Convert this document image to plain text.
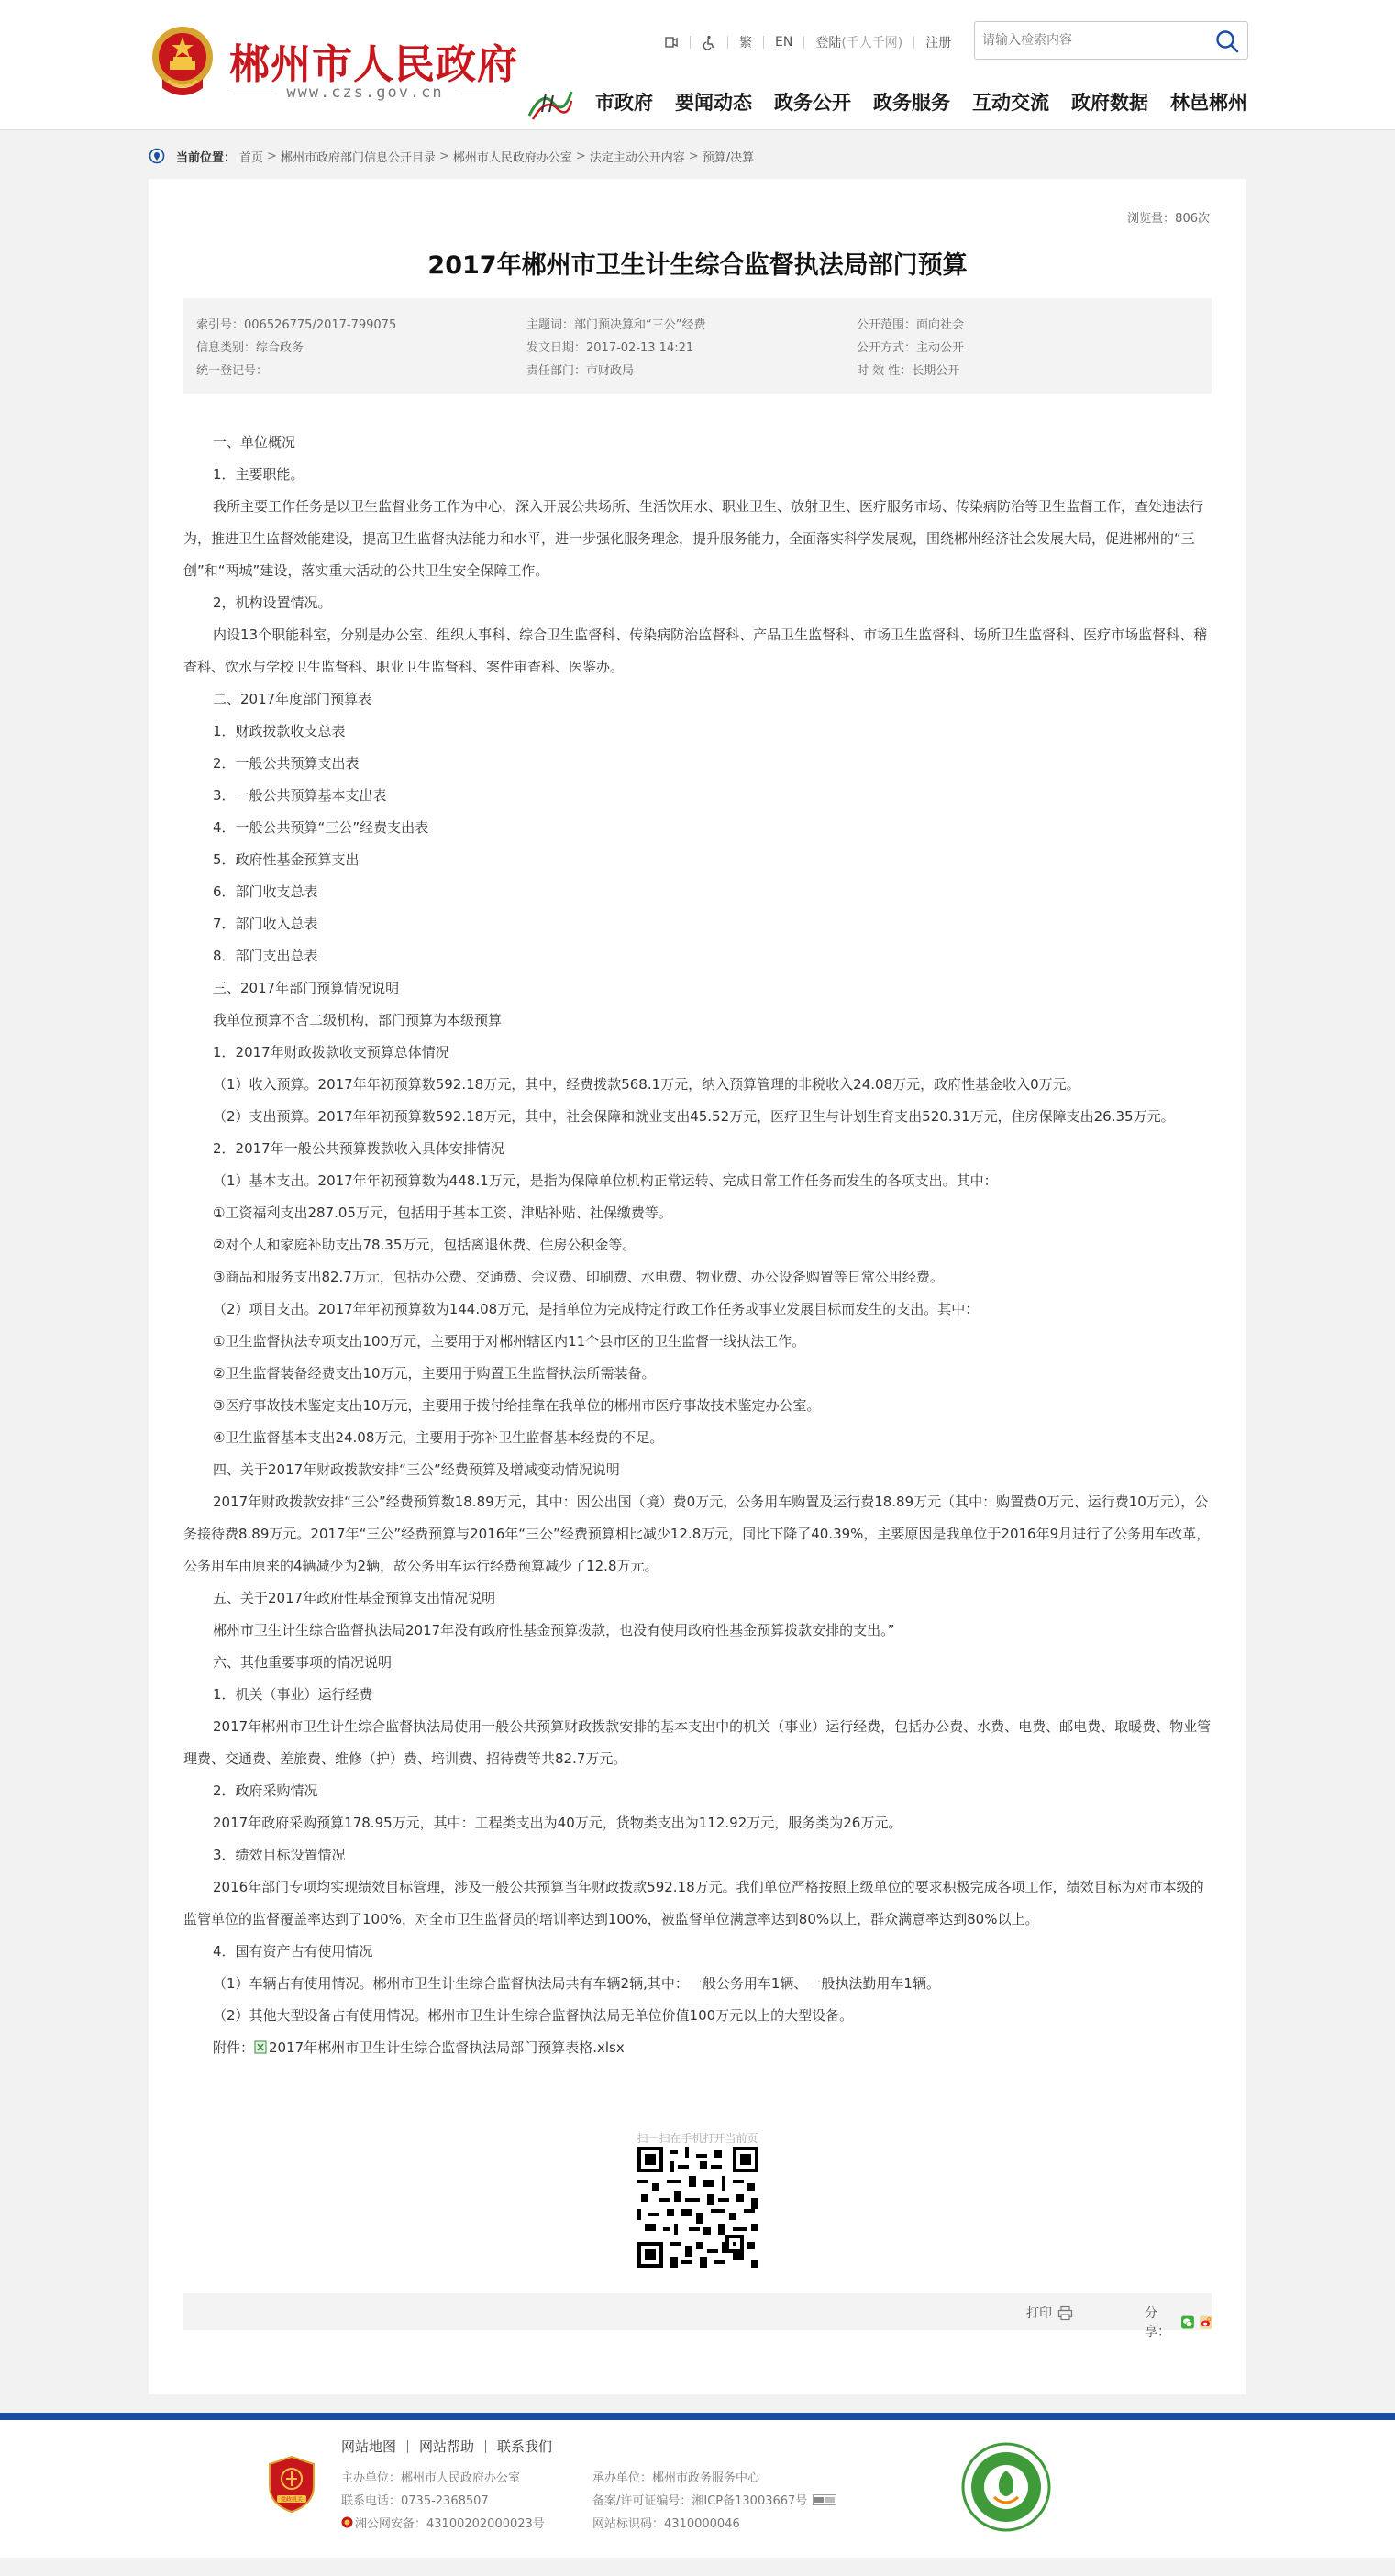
郴州市人民政府
www.czs.gov.cn
繁 EN 登陆 (千人千网) 注册
请输入检索内容
市政府 要闻动态 政务公开 政务服务 互动交流 政府数据 林邑郴州
当前位置： 首页 > 郴州市政府部门信息公开目录 > 郴州市人民政府办公室 > 法定主动公开内容 > 预算/决算
浏览量：806次
2017年郴州市卫生计生综合监督执法局部门预算
索引号：006526775/2017-799075
信息类别：综合政务
统一登记号：
主题词：部门预决算和“三公”经费
发文日期：2017-02-13 14:21
责任部门：市财政局
公开范围：面向社会
公开方式：主动公开
时 效 性：长期公开

一、单位概况

1．主要职能。

我所主要工作任务是以卫生监督业务工作为中心，深入开展公共场所、生活饮用水、职业卫生、放射卫生、医疗服务市场、传染病防治等卫生监督工作，查处违法行为，推进卫生监督效能建设，提高卫生监督执法能力和水平，进一步强化服务理念，提升服务能力，全面落实科学发展观，围绕郴州经济社会发展大局，促进郴州的“三创”和“两城”建设，落实重大活动的公共卫生安全保障工作。

2，机构设置情况。

内设13个职能科室，分别是办公室、组织人事科、综合卫生监督科、传染病防治监督科、产品卫生监督科、市场卫生监督科、场所卫生监督科、医疗市场监督科、稽查科、饮水与学校卫生监督科、职业卫生监督科、案件审查科、医鉴办。

二、2017年度部门预算表

1．财政拨款收支总表

2．一般公共预算支出表

3．一般公共预算基本支出表

4．一般公共预算“三公”经费支出表

5．政府性基金预算支出

6．部门收支总表

7．部门收入总表

8．部门支出总表

三、2017年部门预算情况说明

我单位预算不含二级机构，部门预算为本级预算

1．2017年财政拨款收支预算总体情况

（1）收入预算。2017年年初预算数592.18万元，其中，经费拨款568.1万元，纳入预算管理的非税收入24.08万元，政府性基金收入0万元。

（2）支出预算。2017年年初预算数592.18万元，其中，社会保障和就业支出45.52万元，医疗卫生与计划生育支出520.31万元，住房保障支出26.35万元。

2．2017年一般公共预算拨款收入具体安排情况

（1）基本支出。2017年年初预算数为448.1万元，是指为保障单位机构正常运转、完成日常工作任务而发生的各项支出。其中：

①工资福利支出287.05万元，包括用于基本工资、津贴补贴、社保缴费等。

②对个人和家庭补助支出78.35万元，包括离退休费、住房公积金等。

③商品和服务支出82.7万元，包括办公费、交通费、会议费、印刷费、水电费、物业费、办公设备购置等日常公用经费。

（2）项目支出。2017年年初预算数为144.08万元，是指单位为完成特定行政工作任务或事业发展目标而发生的支出。其中：

①卫生监督执法专项支出100万元，主要用于对郴州辖区内11个县市区的卫生监督一线执法工作。

②卫生监督装备经费支出10万元，主要用于购置卫生监督执法所需装备。

③医疗事故技术鉴定支出10万元，主要用于拨付给挂靠在我单位的郴州市医疗事故技术鉴定办公室。

④卫生监督基本支出24.08万元，主要用于弥补卫生监督基本经费的不足。

四、关于2017年财政拨款安排“三公”经费预算及增减变动情况说明

2017年财政拨款安排“三公”经费预算数18.89万元，其中：因公出国（境）费0万元，公务用车购置及运行费18.89万元（其中：购置费0万元、运行费10万元），公务接待费8.89万元。2017年“三公”经费预算与2016年“三公”经费预算相比减少12.8万元，同比下降了40.39%，主要原因是我单位于2016年9月进行了公务用车改革，公务用车由原来的4辆减少为2辆，故公务用车运行经费预算减少了12.8万元。

五、关于2017年政府性基金预算支出情况说明

郴州市卫生计生综合监督执法局2017年没有政府性基金预算拨款，也没有使用政府性基金预算拨款安排的支出。”

六、其他重要事项的情况说明

1．机关（事业）运行经费

2017年郴州市卫生计生综合监督执法局使用一般公共预算财政拨款安排的基本支出中的机关（事业）运行经费，包括办公费、水费、电费、邮电费、取暖费、物业管理费、交通费、差旅费、维修（护）费、培训费、招待费等共82.7万元。

2．政府采购情况

2017年政府采购预算178.95万元，其中：工程类支出为40万元，货物类支出为112.92万元，服务类为26万元。

3．绩效目标设置情况

2016年部门专项均实现绩效目标管理，涉及一般公共预算当年财政拨款592.18万元。我们单位严格按照上级单位的要求积极完成各项工作，绩效目标为对市本级的监管单位的监督覆盖率达到了100%，对全市卫生监督员的培训率达到100%，被监督单位满意率达到80%以上，群众满意率达到80%以上。

4．国有资产占有使用情况

（1）车辆占有使用情况。郴州市卫生计生综合监督执法局共有车辆2辆,其中：一般公务用车1辆、一般执法勤用车1辆。

（2）其他大型设备占有使用情况。郴州市卫生计生综合监督执法局无单位价值100万元以上的大型设备。

附件： 2017年郴州市卫生计生综合监督执法局部门预算表格.xlsx

扫一扫在手机打开当前页
打印	分享：
党政机关
网站地图 网站帮助 联系我们
主办单位：郴州市人民政府办公室
联系电话：0735-2368507
湘公网安备：43100202000023号
承办单位：郴州市政务服务中心
备案/许可证编号：湘ICP备13003667号
网站标识码：4310000046
